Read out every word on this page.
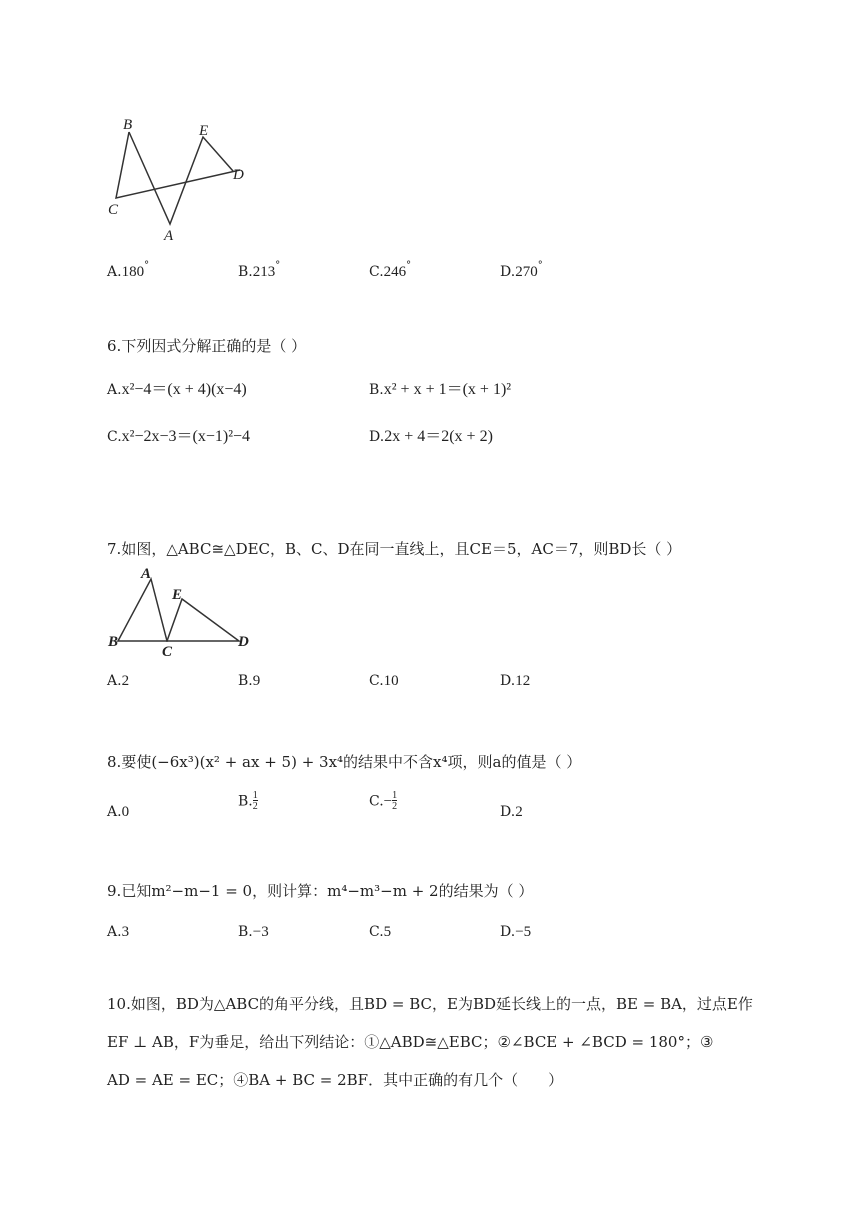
B	E
C
D
A
A.180°	B.213°	C.246°	D.270°
6.下列因式分解正确的是（ ）
A.x²−4＝(x + 4)(x−4)	B.x² + x + 1＝(x + 1)²
C.x²−2x−3＝(x−1)²−4	D.2x + 4＝2(x + 2)
7.如图，△ABC≅△DEC，B、C、D在同一直线上，且CE＝5，AC＝7，则BD长（ ）
A
E
B
C
D
A.2	B.9	C.10	D.12
8.要使(−6x³)(x² + ax + 5) + 3x⁴的结果中不含x⁴项，则a的值是（ ）
A.0
$B.\frac{1}{2}$	$C.-\frac{1}{2}$	D.2
9.已知m²−m−1 = 0，则计算：m⁴−m³−m + 2的结果为（ ）
A.3	B.−3	C.5	D.−5
10.如图，BD为△ABC的角平分线，且BD = BC，E为BD延长线上的一点，BE = BA，过点E作
EF ⊥ AB，F为垂足，给出下列结论：①△ABD≅△EBC；②∠BCE + ∠BCD = 180°；③
AD = AE = EC；④BA + BC = 2BF．其中正确的有几个（　　）
